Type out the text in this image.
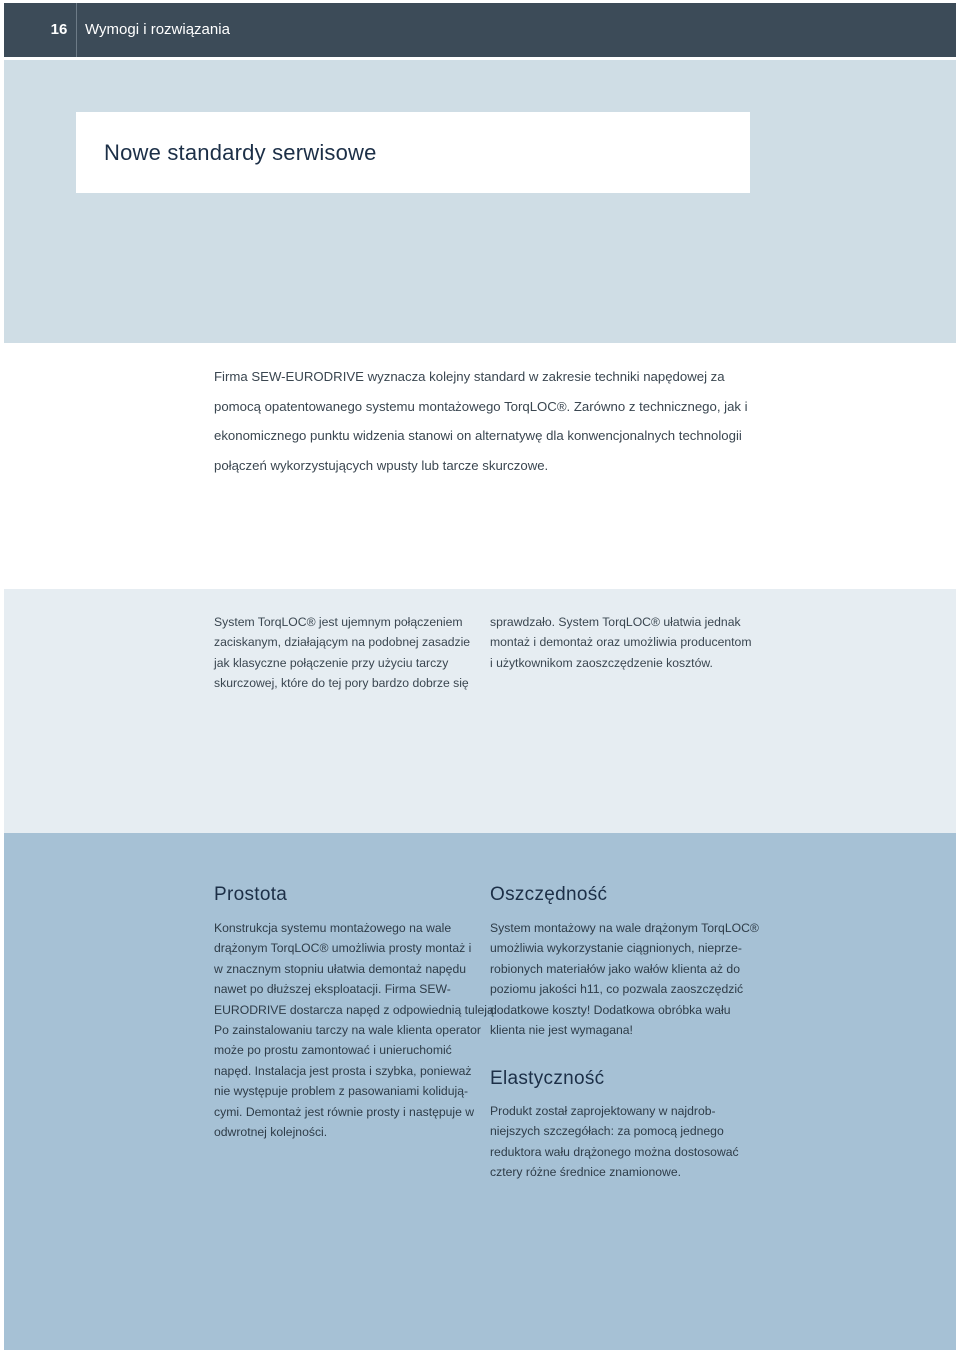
16	Wymogi i rozwiązania
Nowe standardy serwisowe
Firma SEW-EURODRIVE wyznacza kolejny standard w zakresie techniki napędowej za
pomocą opatentowanego systemu montażowego TorqLOC®. Zarówno z technicznego, jak i
ekonomicznego punktu widzenia stanowi on alternatywę dla konwencjonalnych technologii
połączeń wykorzystujących wpusty lub tarcze skurczowe.
System TorqLOC® jest ujemnym połączeniem
zaciskanym, działającym na podobnej zasadzie
jak klasyczne połączenie przy użyciu tarczy
skurczowej, które do tej pory bardzo dobrze się
sprawdzało. System TorqLOC® ułatwia jednak
montaż i demontaż oraz umożliwia producentom
i użytkownikom zaoszczędzenie kosztów.
Prostota
Konstrukcja systemu montażowego na wale
drążonym TorqLOC® umożliwia prosty montaż i
w znacznym stopniu ułatwia demontaż napędu
nawet po dłuższej eksploatacji. Firma SEW-
EURODRIVE dostarcza napęd z odpowiednią tuleją.
Po zainstalowaniu tarczy na wale klienta operator
może po prostu zamontować i unieruchomić
napęd. Instalacja jest prosta i szybka, ponieważ
nie występuje problem z pasowaniami kolidują-
cymi. Demontaż jest równie prosty i następuje w
odwrotnej kolejności.
Oszczędność
System montażowy na wale drążonym TorqLOC®
umożliwia wykorzystanie ciągnionych, nieprze-
robionych materiałów jako wałów klienta aż do
poziomu jakości h11, co pozwala zaoszczędzić
dodatkowe koszty! Dodatkowa obróbka wału
klienta nie jest wymagana!
Elastyczność
Produkt został zaprojektowany w najdrob-
niejszych szczegółach: za pomocą jednego
reduktora wału drążonego można dostosować
cztery różne średnice znamionowe.
